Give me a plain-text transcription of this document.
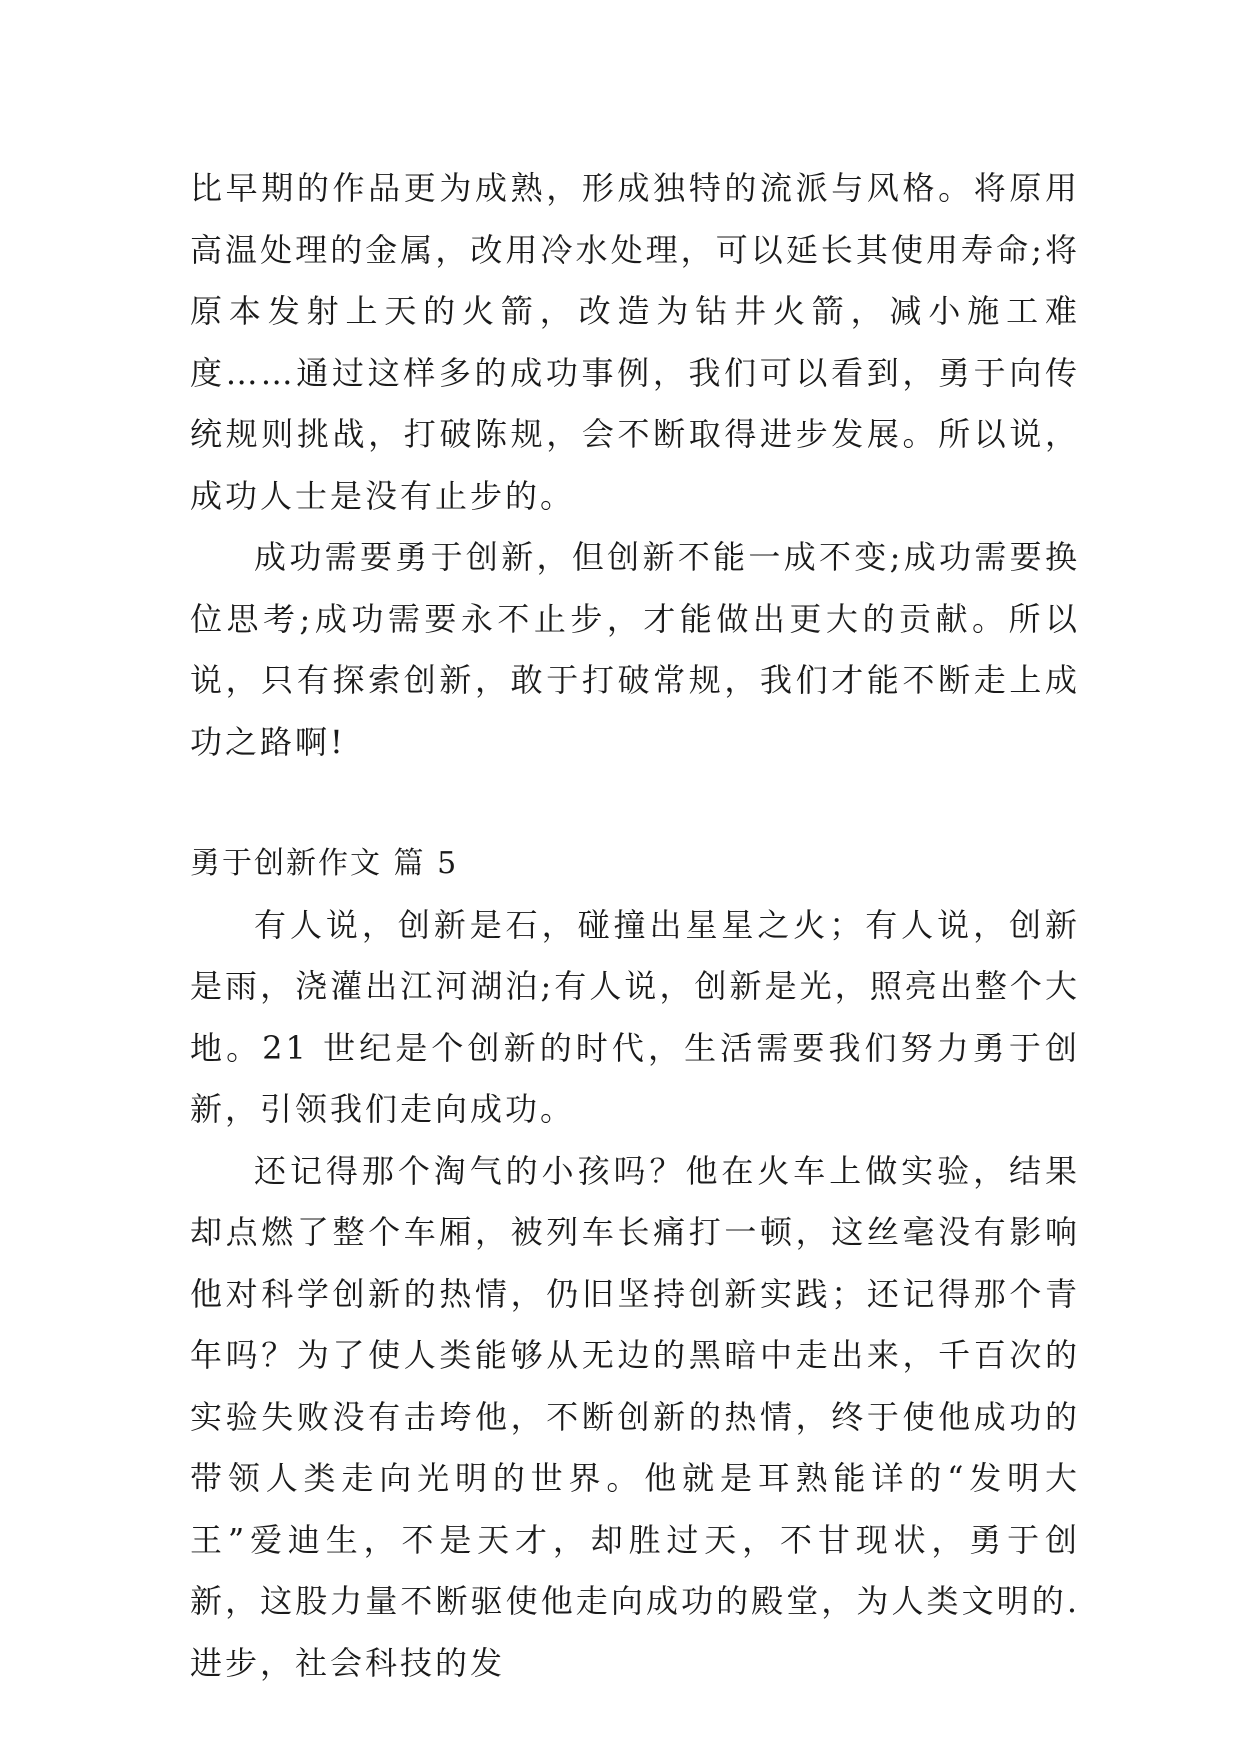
比早期的作品更为成熟，形成独特的流派与风格。将原用高温处理的金属，改用冷水处理，可以延长其使用寿命;将原本发射上天的火箭，改造为钻井火箭，减小施工难度……通过这样多的成功事例，我们可以看到，勇于向传统规则挑战，打破陈规，会不断取得进步发展。所以说，成功人士是没有止步的。

成功需要勇于创新，但创新不能一成不变;成功需要换位思考;成功需要永不止步，才能做出更大的贡献。所以说，只有探索创新，敢于打破常规，我们才能不断走上成功之路啊!

勇于创新作文 篇 5

有人说，创新是石，碰撞出星星之火；有人说，创新是雨，浇灌出江河湖泊;有人说，创新是光，照亮出整个大地。21 世纪是个创新的时代，生活需要我们努力勇于创新，引领我们走向成功。

还记得那个淘气的小孩吗？他在火车上做实验，结果却点燃了整个车厢，被列车长痛打一顿，这丝毫没有影响他对科学创新的热情，仍旧坚持创新实践；还记得那个青年吗？为了使人类能够从无边的黑暗中走出来，千百次的实验失败没有击垮他，不断创新的热情，终于使他成功的带领人类走向光明的世界。他就是耳熟能详的“发明大王”爱迪生，不是天才，却胜过天，不甘现状，勇于创新，这股力量不断驱使他走向成功的殿堂，为人类文明的.进步，社会科技的发
